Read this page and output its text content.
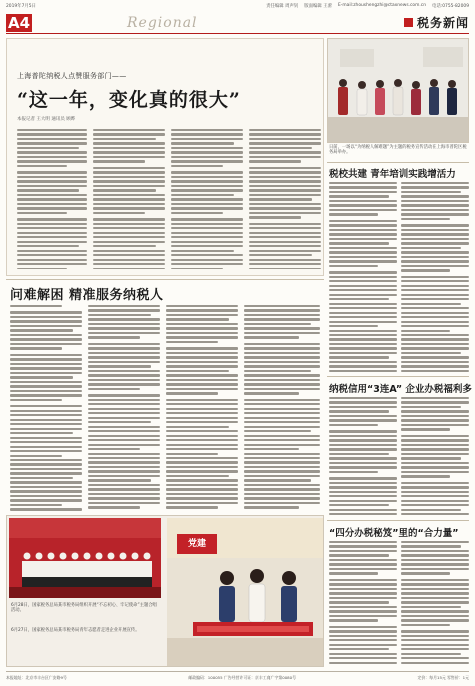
2019年7月5日	责任编辑 周声钊 版面编辑 王蕾 E-mail:zhoushengzhi@ctaxnews.com.cn 电话:0755-82009
A4	Regional	税务新闻
上海普陀纳税人点赞服务部门——
“这一年，变化真的很大”
本报记者 王大明 通讯员 顾晔
日前，一场以“为纳税人解难题”为主题的税务宣传活动在上海市普陀区税务局举办。
税校共建 青年培训实践增活力
纳税信用“3连A” 企业办税福利多
“四分办税秘笈”里的“合力量”
问难解困 精准服务纳税人
党建
6月28日，国家税务总局某市税务局组织开展“不忘初心、牢记使命”主题合唱活动。
6月27日，国家税务总局某市税务局青年志愿者走进企业开展宣传。
本报地址：北京市丰台区广安路9号	邮政编码：100055 广告经营许可证：京丰工商广字第0080号	定价：每月15元 零售价：1元
